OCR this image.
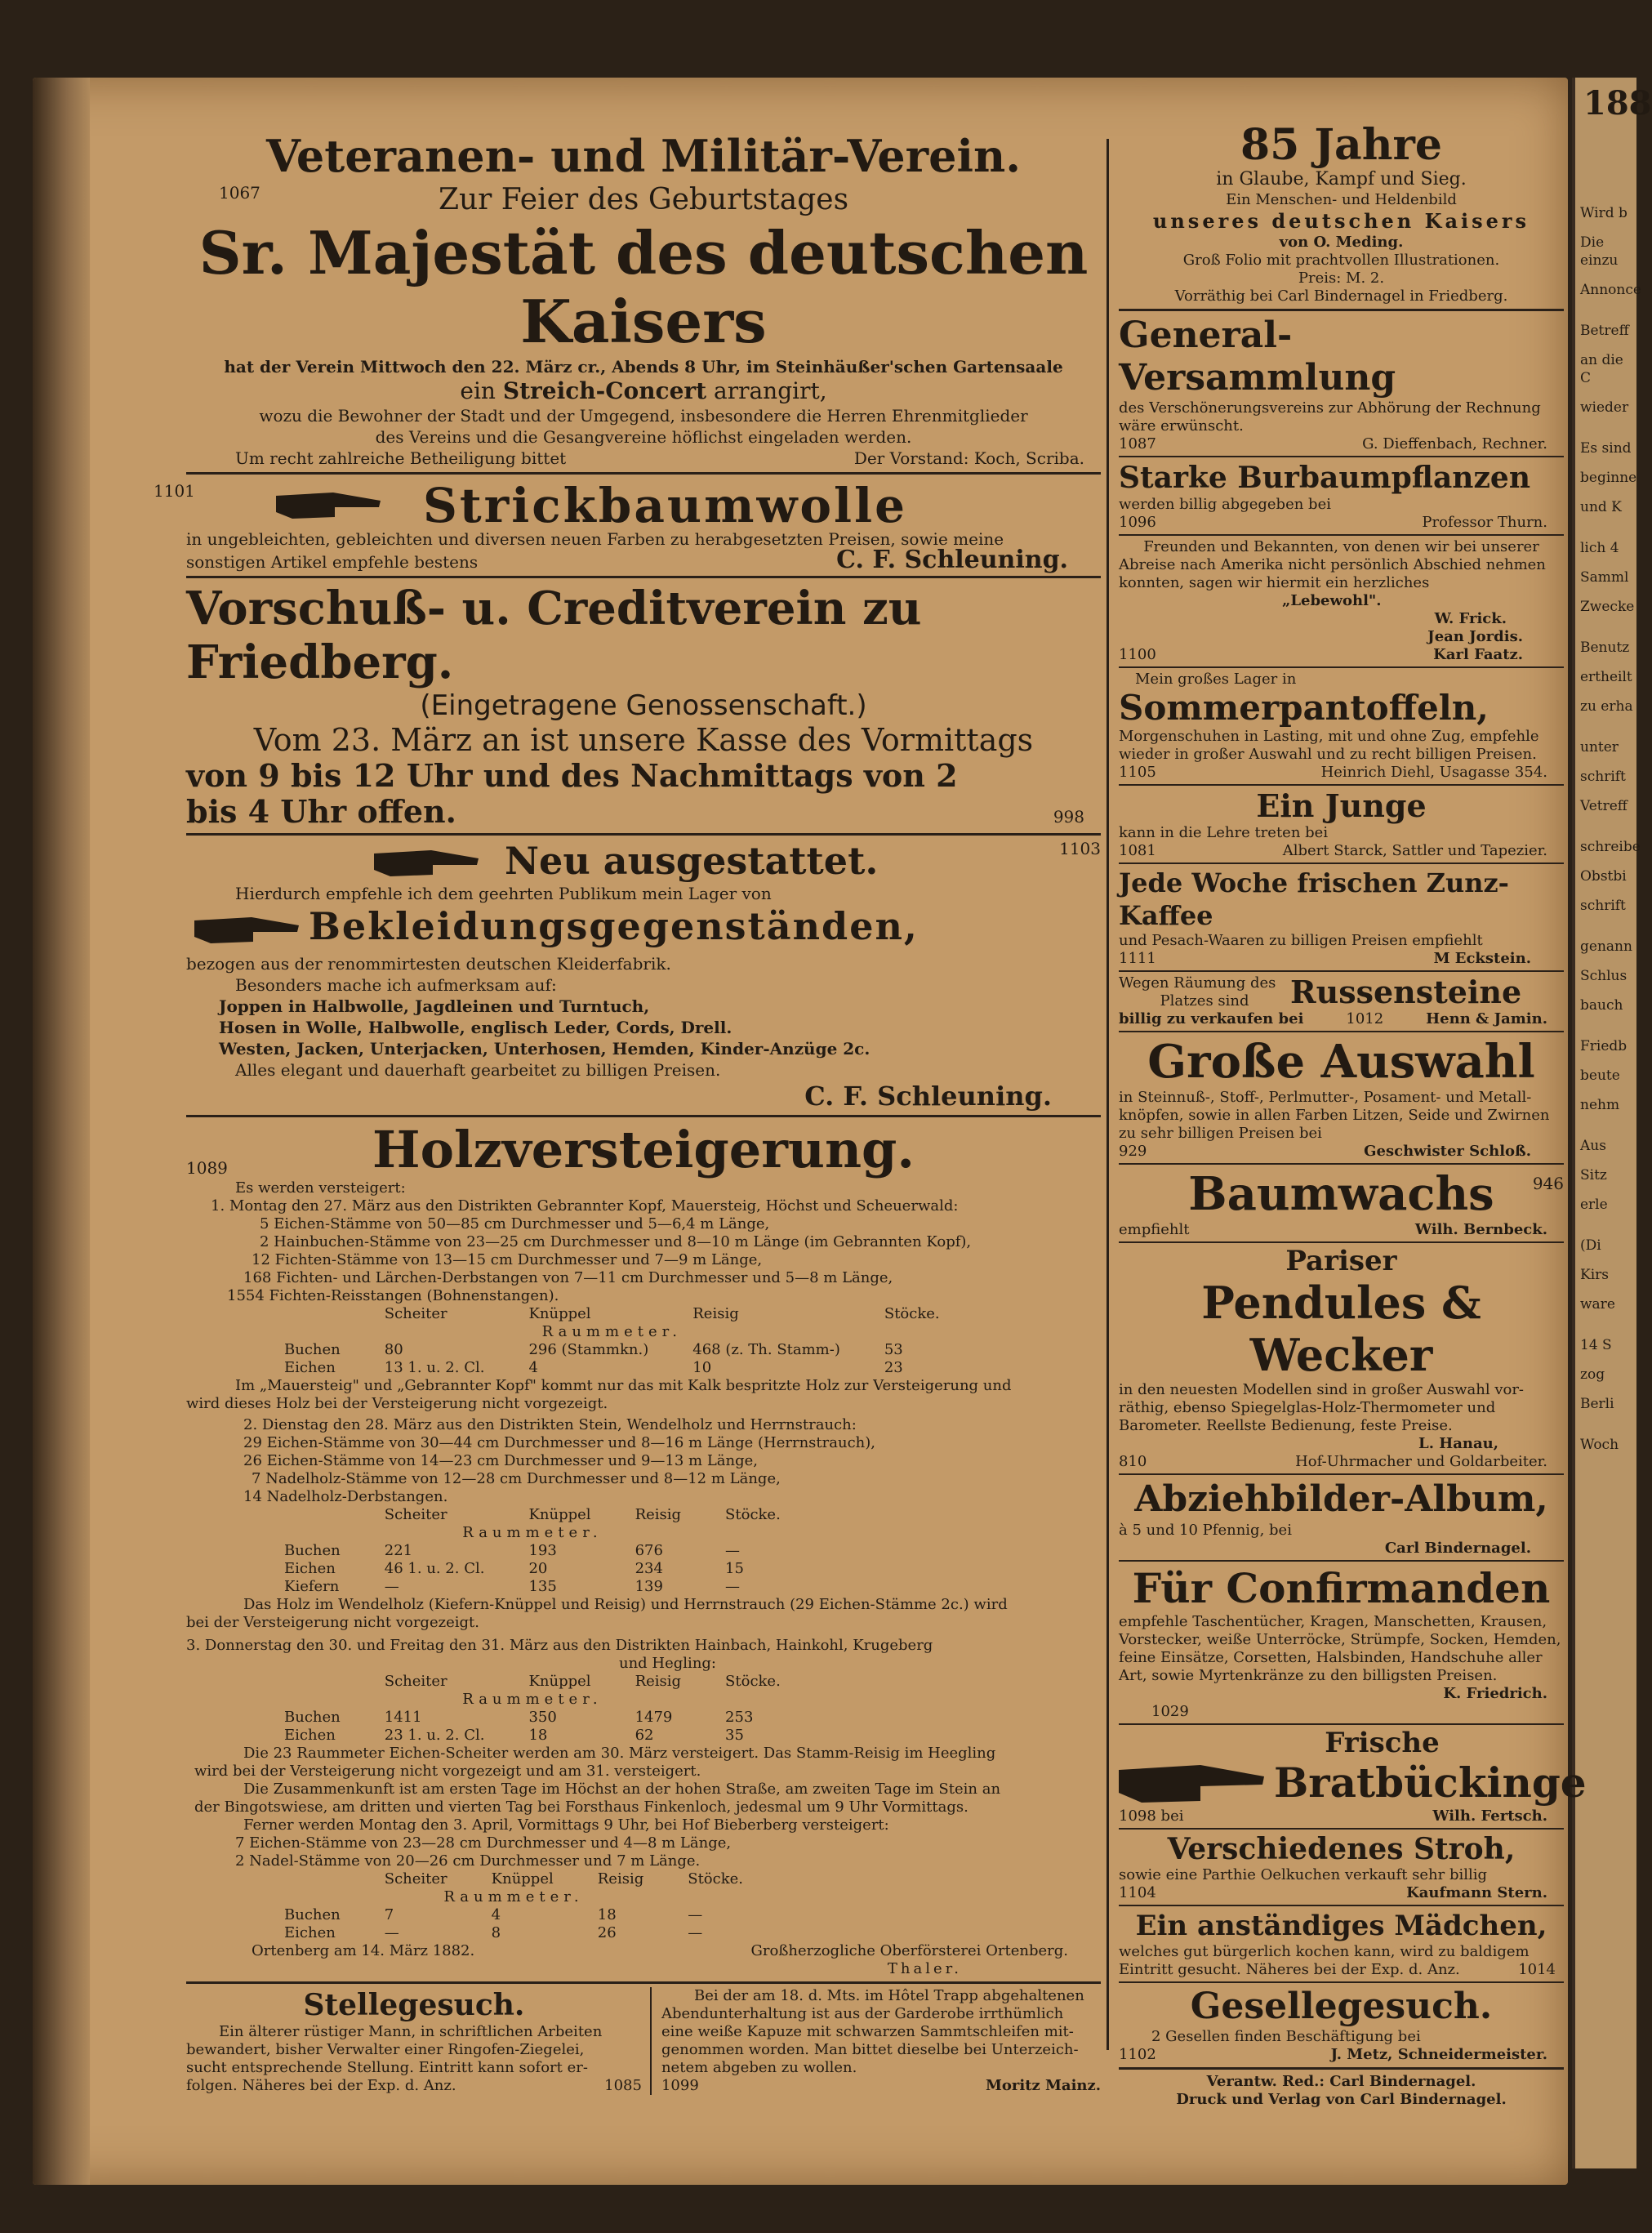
188
Wird b
Die einzu
Annonce
Betreff
an die C
wieder
Es sind
beginne
und K
lich 4
Samml
Zwecke
Benutz
ertheilt
zu erha
unter
schrift
Vetreff
schreibe
Obstbi
schrift
genann
Schlus
bauch
Friedb
beute
nehm
Aus
Sitz
erle
(Di
Kirs
ware
14 S
zog
Berli
Woch
Veteranen- und Militär-Verein.
1067	Zur Feier des Geburtstages
Sr. Majestät des deutschen Kaisers
hat der Verein Mittwoch den 22. März cr., Abends 8 Uhr, im Steinhäußer'schen Gartensaale
ein Streich-Concert arrangirt,
wozu die Bewohner der Stadt und der Umgegend, insbesondere die Herren Ehrenmitglieder
des Vereins und die Gesangvereine höflichst eingeladen werden.
Um recht zahlreiche Betheiligung bittet	Der Vorstand: Koch, Scriba.
1101	Strickbaumwolle
in ungebleichten, gebleichten und diversen neuen Farben zu herabgesetzten Preisen, sowie meine
sonstigen Artikel empfehle bestens	C. F. Schleuning.
Vorschuß- u. Creditverein zu Friedberg.
(Eingetragene Genossenschaft.)
Vom 23. März an ist unsere Kasse des Vormittags
von 9 bis 12 Uhr und des Nachmittags von 2
bis 4 Uhr offen.	998
Neu ausgestattet.	1103
Hierdurch empfehle ich dem geehrten Publikum mein Lager von
Bekleidungsgegenständen,
bezogen aus der renommirtesten deutschen Kleiderfabrik.
Besonders mache ich aufmerksam auf:
Joppen in Halbwolle, Jagdleinen und Turntuch,
Hosen in Wolle, Halbwolle, englisch Leder, Cords, Drell.
Westen, Jacken, Unterjacken, Unterhosen, Hemden, Kinder-Anzüge 2c.
Alles elegant und dauerhaft gearbeitet zu billigen Preisen.
C. F. Schleuning.
Holzversteigerung.
1089
Es werden versteigert:
1. Montag den 27. März aus den Distrikten Gebrannter Kopf, Mauersteig, Höchst und Scheuerwald:
5 Eichen-Stämme von 50—85 cm Durchmesser und 5—6,4 m Länge,
2 Hainbuchen-Stämme von 23—25 cm Durchmesser und 8—10 m Länge (im Gebrannten Kopf),
12 Fichten-Stämme von 13—15 cm Durchmesser und 7—9 m Länge,
168 Fichten- und Lärchen-Derbstangen von 7—11 cm Durchmesser und 5—8 m Länge,
1554 Fichten-Reisstangen (Bohnenstangen).
	Scheiter	Knüppel	Reisig	Stöcke.
Raummeter.				
Buchen	80	296 (Stammkn.)	468 (z. Th. Stamm-)	53
Eichen	13 1. u. 2. Cl.	4	10	23
Im „Mauersteig" und „Gebrannter Kopf" kommt nur das mit Kalk bespritzte Holz zur Versteigerung und
wird dieses Holz bei der Versteigerung nicht vorgezeigt.
2. Dienstag den 28. März aus den Distrikten Stein, Wendelholz und Herrnstrauch:
29 Eichen-Stämme von 30—44 cm Durchmesser und 8—16 m Länge (Herrnstrauch),
26 Eichen-Stämme von 14—23 cm Durchmesser und 9—13 m Länge,
7 Nadelholz-Stämme von 12—28 cm Durchmesser und 8—12 m Länge,
14 Nadelholz-Derbstangen.
	Scheiter	Knüppel	Reisig	Stöcke.
Raummeter.				
Buchen	221	193	676	—
Eichen	46 1. u. 2. Cl.	20	234	15
Kiefern	—	135	139	—
Das Holz im Wendelholz (Kiefern-Knüppel und Reisig) und Herrnstrauch (29 Eichen-Stämme 2c.) wird
bei der Versteigerung nicht vorgezeigt.
3. Donnerstag den 30. und Freitag den 31. März aus den Distrikten Hainbach, Hainkohl, Krugeberg
und Hegling:
	Scheiter	Knüppel	Reisig	Stöcke.
Raummeter.				
Buchen	1411	350	1479	253
Eichen	23 1. u. 2. Cl.	18	62	35
Die 23 Raummeter Eichen-Scheiter werden am 30. März versteigert. Das Stamm-Reisig im Heegling
wird bei der Versteigerung nicht vorgezeigt und am 31. versteigert.
Die Zusammenkunft ist am ersten Tage im Höchst an der hohen Straße, am zweiten Tage im Stein an
der Bingotswiese, am dritten und vierten Tag bei Forsthaus Finkenloch, jedesmal um 9 Uhr Vormittags.
Ferner werden Montag den 3. April, Vormittags 9 Uhr, bei Hof Bieberberg versteigert:
7 Eichen-Stämme von 23—28 cm Durchmesser und 4—8 m Länge,
2 Nadel-Stämme von 20—26 cm Durchmesser und 7 m Länge.
	Scheiter	Knüppel	Reisig	Stöcke.
Raummeter.				
Buchen	7	4	18	—
Eichen	—	8	26	—
Ortenberg am 14. März 1882.	Großherzogliche Oberförsterei Ortenberg.
Thaler.
Stellegesuch.
Ein älterer rüstiger Mann, in schriftlichen Arbeiten
bewandert, bisher Verwalter einer Ringofen-Ziegelei,
sucht entsprechende Stellung. Eintritt kann sofort er-
folgen. Näheres bei der Exp. d. Anz.	1085
Bei der am 18. d. Mts. im Hôtel Trapp abgehaltenen
Abendunterhaltung ist aus der Garderobe irrthümlich
eine weiße Kapuze mit schwarzen Sammtschleifen mit-
genommen worden. Man bittet dieselbe bei Unterzeich-
netem abgeben zu wollen.
1099	Moritz Mainz.
85 Jahre
in Glaube, Kampf und Sieg.
Ein Menschen- und Heldenbild
unseres deutschen Kaisers
von O. Meding.
Groß Folio mit prachtvollen Illustrationen.
Preis: M. 2.
Vorräthig bei Carl Bindernagel in Friedberg.
General-Versammlung
des Verschönerungsvereins zur Abhörung der Rechnung
wäre erwünscht.
1087	G. Dieffenbach, Rechner.
Starke Burbaumpflanzen
werden billig abgegeben bei
1096	Professor Thurn.
Freunden und Bekannten, von denen wir bei unserer
Abreise nach Amerika nicht persönlich Abschied nehmen
konnten, sagen wir hiermit ein herzliches
„Lebewohl".
W. Frick.
Jean Jordis.
1100	Karl Faatz.
Mein großes Lager in
Sommerpantoffeln,
Morgenschuhen in Lasting, mit und ohne Zug, empfehle
wieder in großer Auswahl und zu recht billigen Preisen.
1105	Heinrich Diehl, Usagasse 354.
Ein Junge
kann in die Lehre treten bei
1081	Albert Starck, Sattler und Tapezier.
Jede Woche frischen Zunz-Kaffee
und Pesach-Waaren zu billigen Preisen empfiehlt
1111	M Eckstein.
Wegen Räumung des
Platzes sind	Russensteine
billig zu verkaufen bei	1012	Henn & Jamin.
Große Auswahl
in Steinnuß-, Stoff-, Perlmutter-, Posament- und Metall-
knöpfen, sowie in allen Farben Litzen, Seide und Zwirnen
zu sehr billigen Preisen bei
929	Geschwister Schloß.
Baumwachs	946
empfiehlt	Wilh. Bernbeck.
Pariser
Pendules & Wecker
in den neuesten Modellen sind in großer Auswahl vor-
räthig, ebenso Spiegelglas-Holz-Thermometer und
Barometer. Reellste Bedienung, feste Preise.
L. Hanau,
810	Hof-Uhrmacher und Goldarbeiter.
Abziehbilder-Album,
à 5 und 10 Pfennig, bei
Carl Bindernagel.
Für Confirmanden
empfehle Taschentücher, Kragen, Manschetten, Krausen,
Vorstecker, weiße Unterröcke, Strümpfe, Socken, Hemden,
feine Einsätze, Corsetten, Halsbinden, Handschuhe aller
Art, sowie Myrtenkränze zu den billigsten Preisen.
K. Friedrich.
1029
Frische
Bratbückinge
1098 bei	Wilh. Fertsch.
Verschiedenes Stroh,
sowie eine Parthie Oelkuchen verkauft sehr billig
1104	Kaufmann Stern.
Ein anständiges Mädchen,
welches gut bürgerlich kochen kann, wird zu baldigem
Eintritt gesucht. Näheres bei der Exp. d. Anz.	1014
Gesellegesuch.
2 Gesellen finden Beschäftigung bei
1102	J. Metz, Schneidermeister.
Verantw. Red.: Carl Bindernagel.
Druck und Verlag von Carl Bindernagel.
